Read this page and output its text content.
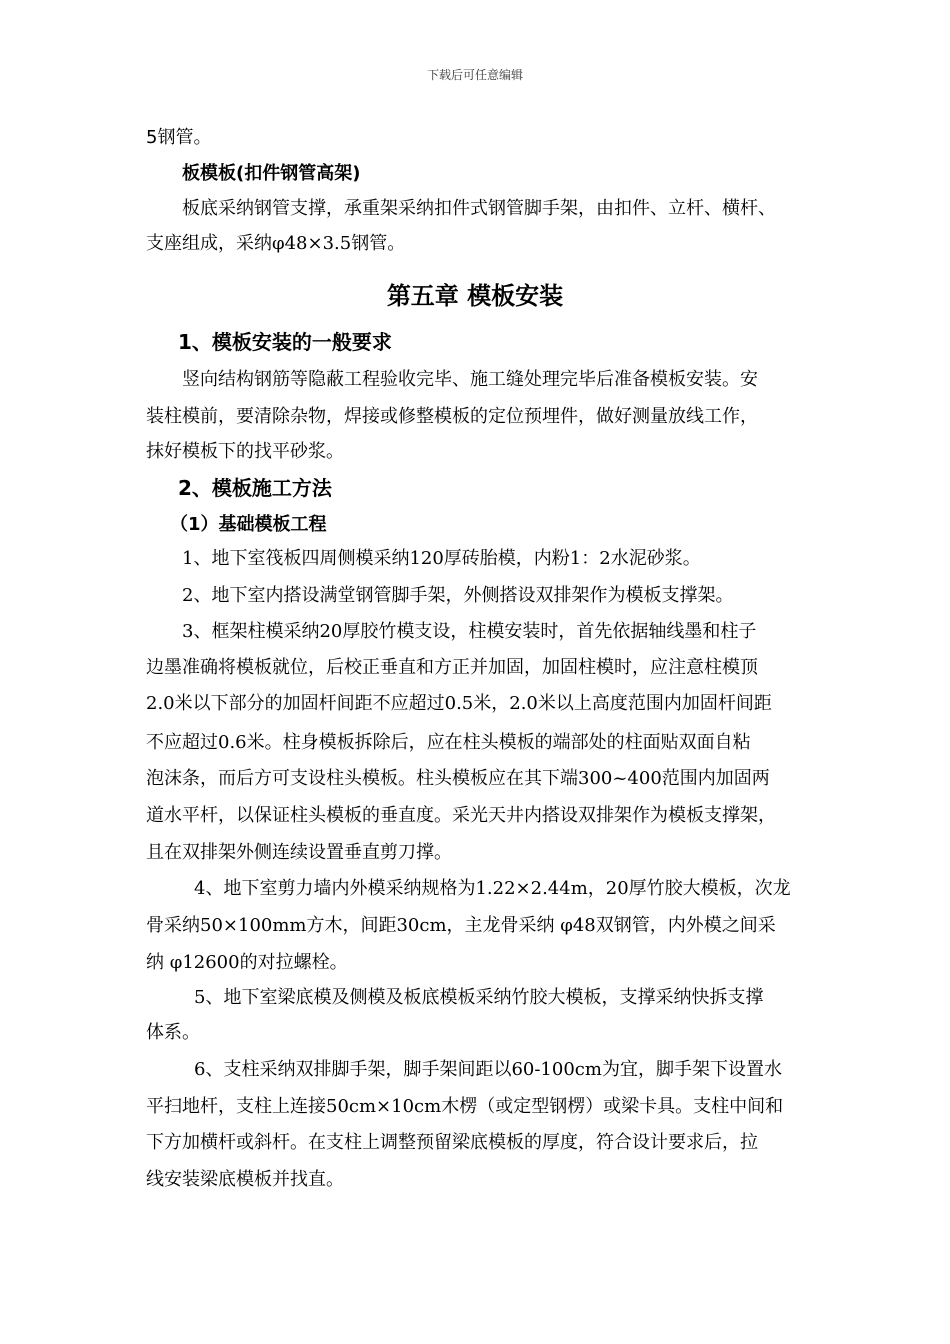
下载后可任意编辑
5钢管。
板模板(扣件钢管高架)
板底采纳钢管支撑，承重架采纳扣件式钢管脚手架，由扣件、立杆、横杆、
支座组成，采纳φ48×3.5钢管。
第五章 模板安装
1、模板安装的一般要求
竖向结构钢筋等隐蔽工程验收完毕、施工缝处理完毕后准备模板安装。安
装柱模前，要清除杂物，焊接或修整模板的定位预埋件，做好测量放线工作，
抹好模板下的找平砂浆。
2、模板施工方法
（1）基础模板工程
1、地下室筏板四周侧模采纳120厚砖胎模，内粉1：2水泥砂浆。
2、地下室内搭设满堂钢管脚手架，外侧搭设双排架作为模板支撑架。
3、框架柱模采纳20厚胶竹模支设，柱模安装时，首先依据轴线墨和柱子
边墨准确将模板就位，后校正垂直和方正并加固，加固柱模时，应注意柱模顶
2.0米以下部分的加固杆间距不应超过0.5米，2.0米以上高度范围内加固杆间距
不应超过0.6米。柱身模板拆除后，应在柱头模板的端部处的柱面贴双面自粘
泡沫条，而后方可支设柱头模板。柱头模板应在其下端300~400范围内加固两
道水平杆，以保证柱头模板的垂直度。采光天井内搭设双排架作为模板支撑架，
且在双排架外侧连续设置垂直剪刀撑。
4、地下室剪力墙内外模采纳规格为1.22×2.44m，20厚竹胶大模板，次龙
骨采纳50×100mm方木，间距30cm，主龙骨采纳 φ48双钢管，内外模之间采
纳 φ12600的对拉螺栓。
5、地下室梁底模及侧模及板底模板采纳竹胶大模板，支撑采纳快拆支撑
体系。
6、支柱采纳双排脚手架，脚手架间距以60-100cm为宜，脚手架下设置水
平扫地杆，支柱上连接50cm×10cm木楞（或定型钢楞）或梁卡具。支柱中间和
下方加横杆或斜杆。在支柱上调整预留梁底模板的厚度，符合设计要求后，拉
线安装梁底模板并找直。
